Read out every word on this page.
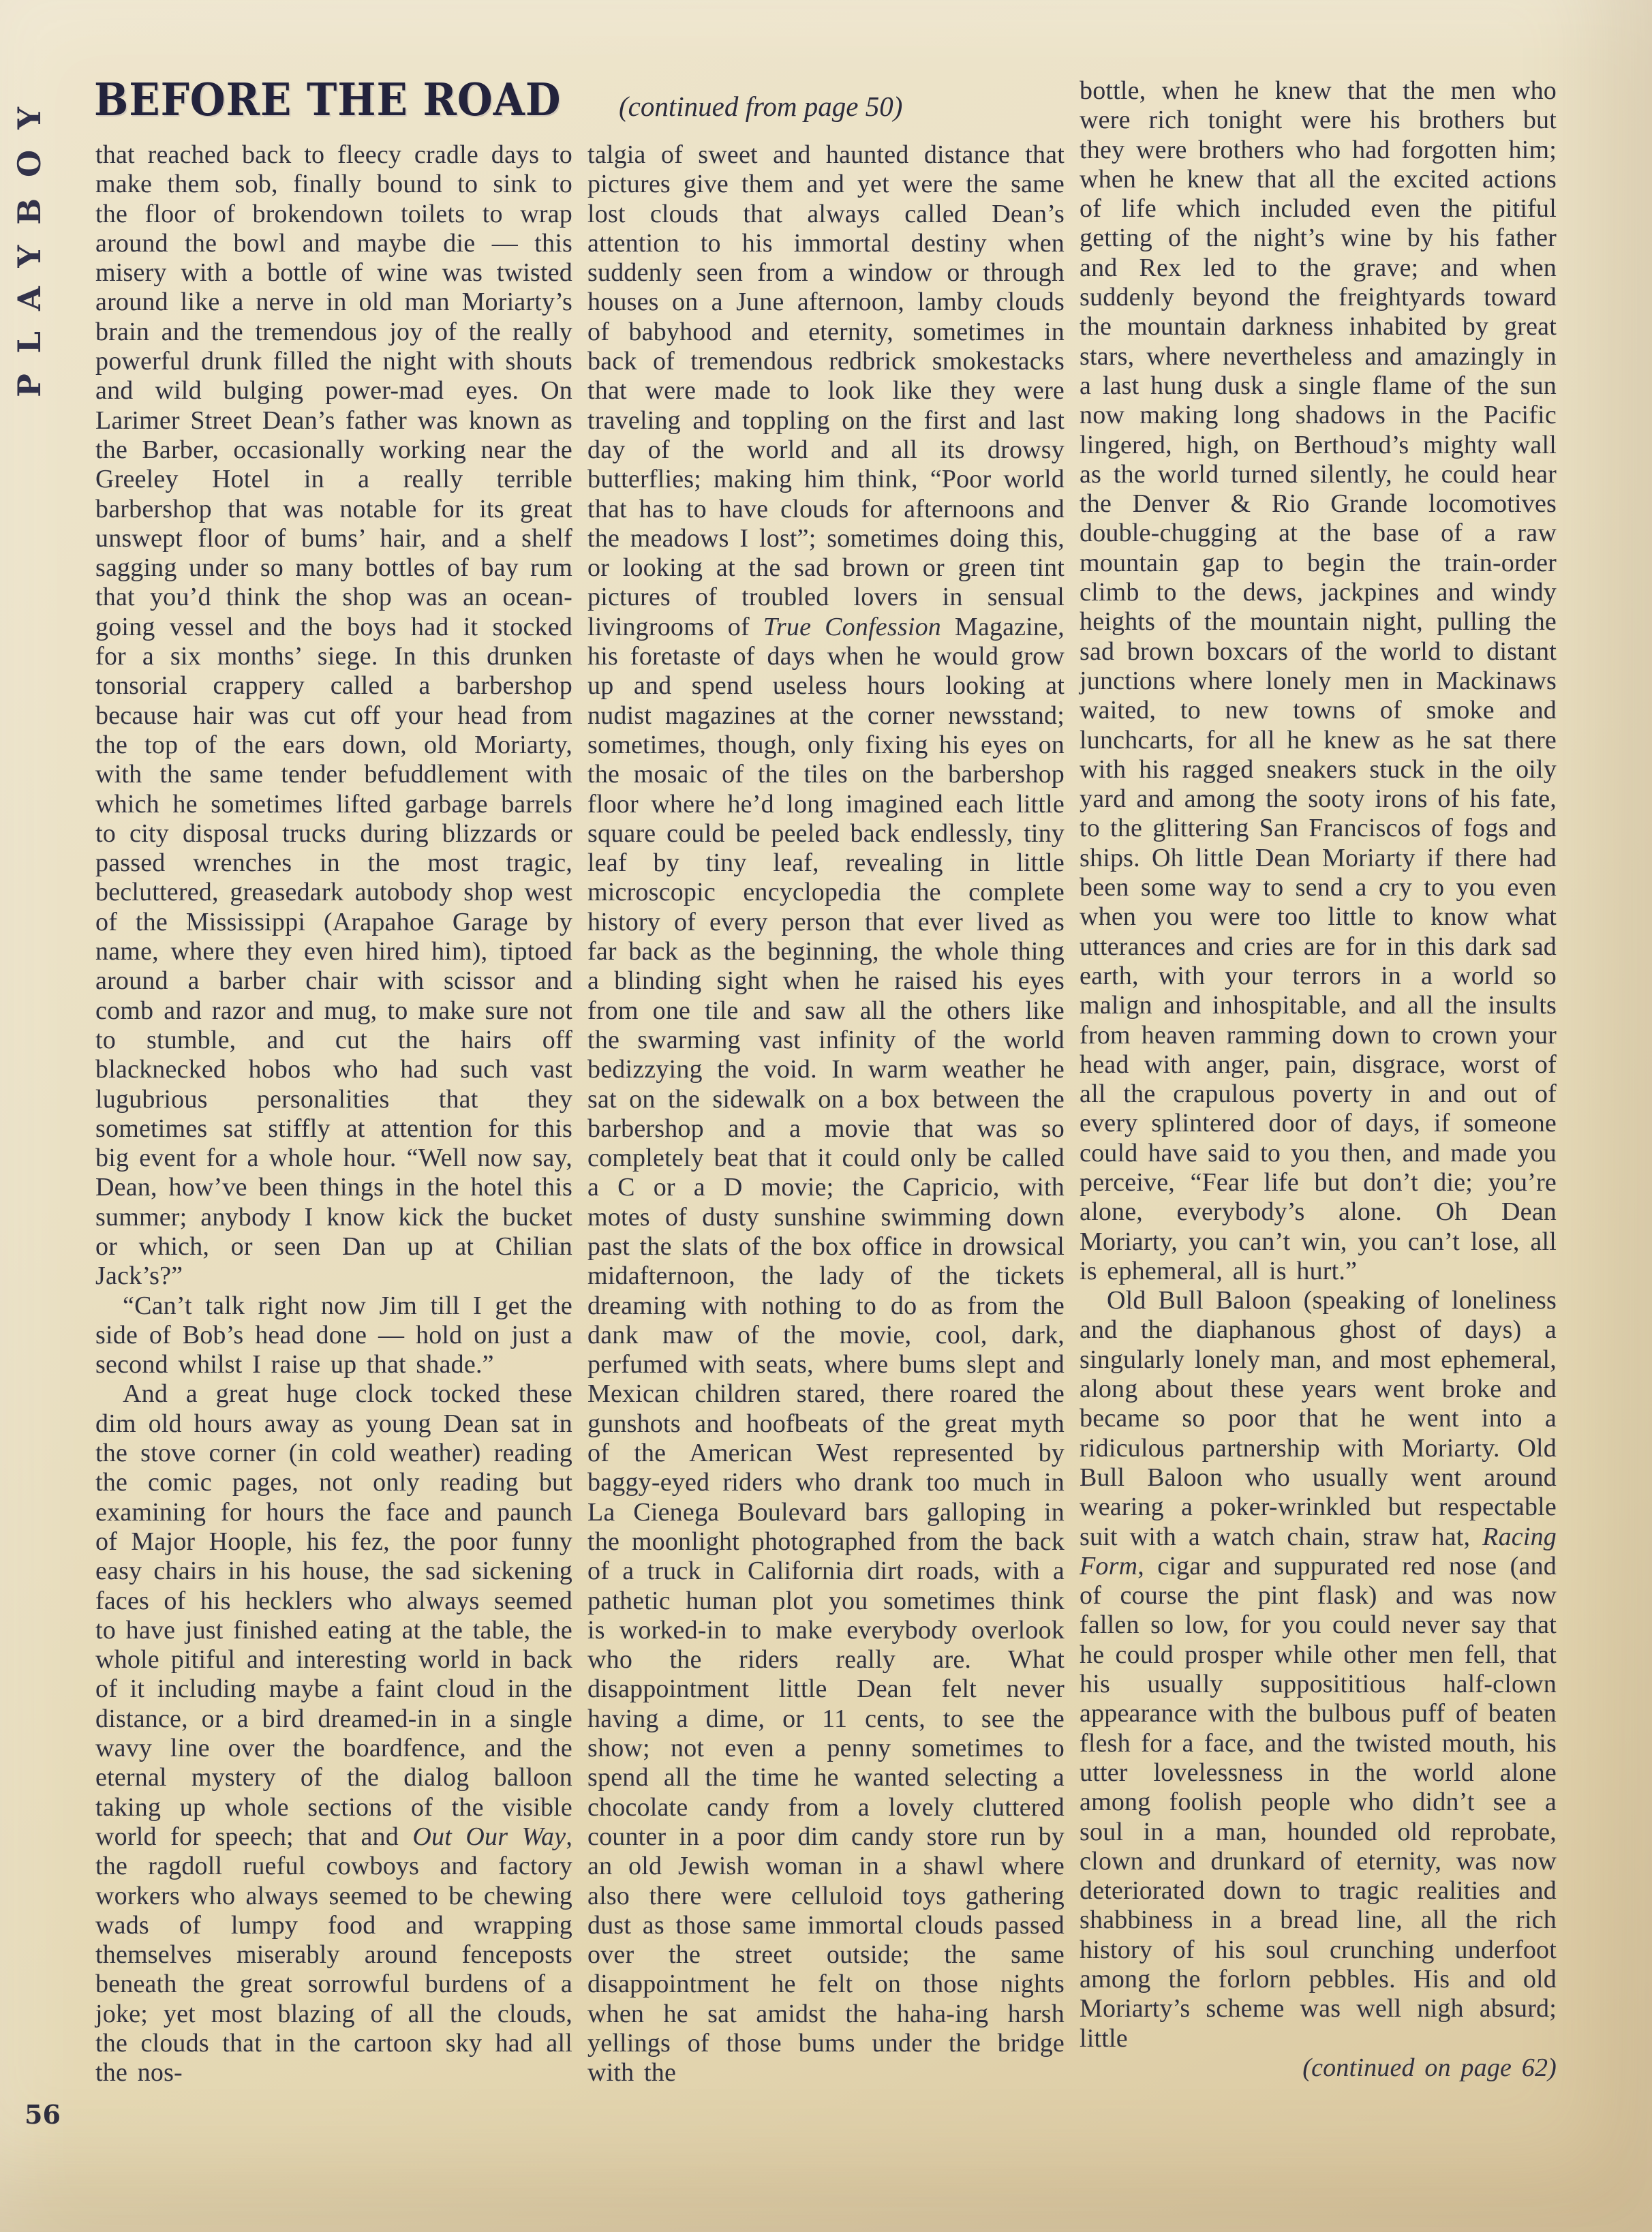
PLAYBOY BEFORE THE ROAD (continued from page 50)

that reached back to fleecy cradle days to make them sob, finally bound to sink to the floor of brokendown toilets to wrap around the bowl and maybe die — this misery with a bottle of wine was twisted around like a nerve in old man Moriarty’s brain and the tremendous joy of the really powerful drunk filled the night with shouts and wild bulging power-mad eyes. On Larimer Street Dean’s father was known as the Barber, occasionally working near the Greeley Hotel in a really terrible barbershop that was notable for its great unswept floor of bums’ hair, and a shelf sagging under so many bottles of bay rum that you’d think the shop was an ocean-going vessel and the boys had it stocked for a six months’ siege. In this drunken tonsorial crappery called a barbershop because hair was cut off your head from the top of the ears down, old Moriarty, with the same tender befuddlement with which he sometimes lifted garbage barrels to city disposal trucks during blizzards or passed wrenches in the most tragic, becluttered, greasedark autobody shop west of the Mississippi (Arapahoe Garage by name, where they even hired him), tiptoed around a barber chair with scissor and comb and razor and mug, to make sure not to stumble, and cut the hairs off blacknecked hobos who had such vast lugubrious personalities that they sometimes sat stiffly at attention for this big event for a whole hour. “Well now say, Dean, how’ve been things in the hotel this summer; anybody I know kick the bucket or which, or seen Dan up at Chilian Jack’s?”

“Can’t talk right now Jim till I get the side of Bob’s head done — hold on just a second whilst I raise up that shade.”

And a great huge clock tocked these dim old hours away as young Dean sat in the stove corner (in cold weather) reading the comic pages, not only reading but examining for hours the face and paunch of Major Hoople, his fez, the poor funny easy chairs in his house, the sad sickening faces of his hecklers who always seemed to have just finished eating at the table, the whole pitiful and interesting world in back of it including maybe a faint cloud in the distance, or a bird dreamed-in in a single wavy line over the boardfence, and the eternal mystery of the dialog balloon taking up whole sections of the visible world for speech; that and Out Our Way, the ragdoll rueful cowboys and factory workers who always seemed to be chewing wads of lumpy food and wrapping themselves miserably around fenceposts beneath the great sorrowful burdens of a joke; yet most blazing of all the clouds, the clouds that in the cartoon sky had all the nos-

talgia of sweet and haunted distance that pictures give them and yet were the same lost clouds that always called Dean’s attention to his immortal destiny when suddenly seen from a window or through houses on a June afternoon, lamby clouds of babyhood and eternity, sometimes in back of tremendous redbrick smokestacks that were made to look like they were traveling and toppling on the first and last day of the world and all its drowsy butterflies; making him think, “Poor world that has to have clouds for afternoons and the meadows I lost”; sometimes doing this, or looking at the sad brown or green tint pictures of troubled lovers in sensual livingrooms of True Confession Magazine, his foretaste of days when he would grow up and spend useless hours looking at nudist magazines at the corner newsstand; sometimes, though, only fixing his eyes on the mosaic of the tiles on the barbershop floor where he’d long imagined each little square could be peeled back endlessly, tiny leaf by tiny leaf, revealing in little microscopic encyclopedia the complete history of every person that ever lived as far back as the beginning, the whole thing a blinding sight when he raised his eyes from one tile and saw all the others like the swarming vast infinity of the world bedizzying the void. In warm weather he sat on the sidewalk on a box between the barbershop and a movie that was so completely beat that it could only be called a C or a D movie; the Capricio, with motes of dusty sunshine swimming down past the slats of the box office in drowsical midafternoon, the lady of the tickets dreaming with nothing to do as from the dank maw of the movie, cool, dark, perfumed with seats, where bums slept and Mexican children stared, there roared the gunshots and hoofbeats of the great myth of the American West represented by baggy-eyed riders who drank too much in La Cienega Boulevard bars galloping in the moonlight photographed from the back of a truck in California dirt roads, with a pathetic human plot you sometimes think is worked-in to make everybody overlook who the riders really are. What disappointment little Dean felt never having a dime, or 11 cents, to see the show; not even a penny sometimes to spend all the time he wanted selecting a chocolate candy from a lovely cluttered counter in a poor dim candy store run by an old Jewish woman in a shawl where also there were celluloid toys gathering dust as those same immortal clouds passed over the street outside; the same disappointment he felt on those nights when he sat amidst the haha-ing harsh yellings of those bums under the bridge with the

bottle, when he knew that the men who were rich tonight were his brothers but they were brothers who had forgotten him; when he knew that all the excited actions of life which included even the pitiful getting of the night’s wine by his father and Rex led to the grave; and when suddenly beyond the freightyards toward the mountain darkness inhabited by great stars, where nevertheless and amazingly in a last hung dusk a single flame of the sun now making long shadows in the Pacific lingered, high, on Berthoud’s mighty wall as the world turned silently, he could hear the Denver & Rio Grande locomotives double-chugging at the base of a raw mountain gap to begin the train-order climb to the dews, jackpines and windy heights of the mountain night, pulling the sad brown boxcars of the world to distant junctions where lonely men in Mackinaws waited, to new towns of smoke and lunchcarts, for all he knew as he sat there with his ragged sneakers stuck in the oily yard and among the sooty irons of his fate, to the glittering San Franciscos of fogs and ships. Oh little Dean Moriarty if there had been some way to send a cry to you even when you were too little to know what utterances and cries are for in this dark sad earth, with your terrors in a world so malign and inhospitable, and all the insults from heaven ramming down to crown your head with anger, pain, disgrace, worst of all the crapulous poverty in and out of every splintered door of days, if someone could have said to you then, and made you perceive, “Fear life but don’t die; you’re alone, everybody’s alone. Oh Dean Moriarty, you can’t win, you can’t lose, all is ephemeral, all is hurt.”

Old Bull Baloon (speaking of loneliness and the diaphanous ghost of days) a singularly lonely man, and most ephemeral, along about these years went broke and became so poor that he went into a ridiculous partnership with Moriarty. Old Bull Baloon who usually went around wearing a poker-wrinkled but respectable suit with a watch chain, straw hat, Racing Form, cigar and suppurated red nose (and of course the pint flask) and was now fallen so low, for you could never say that he could prosper while other men fell, that his usually supposititious half-clown appearance with the bulbous puff of beaten flesh for a face, and the twisted mouth, his utter lovelessness in the world alone among foolish people who didn’t see a soul in a man, hounded old reprobate, clown and drunkard of eternity, was now deteriorated down to tragic realities and shabbiness in a bread line, all the rich history of his soul crunching underfoot among the forlorn pebbles. His and old Moriarty’s scheme was well nigh absurd; little

(continued on page 62)

56
